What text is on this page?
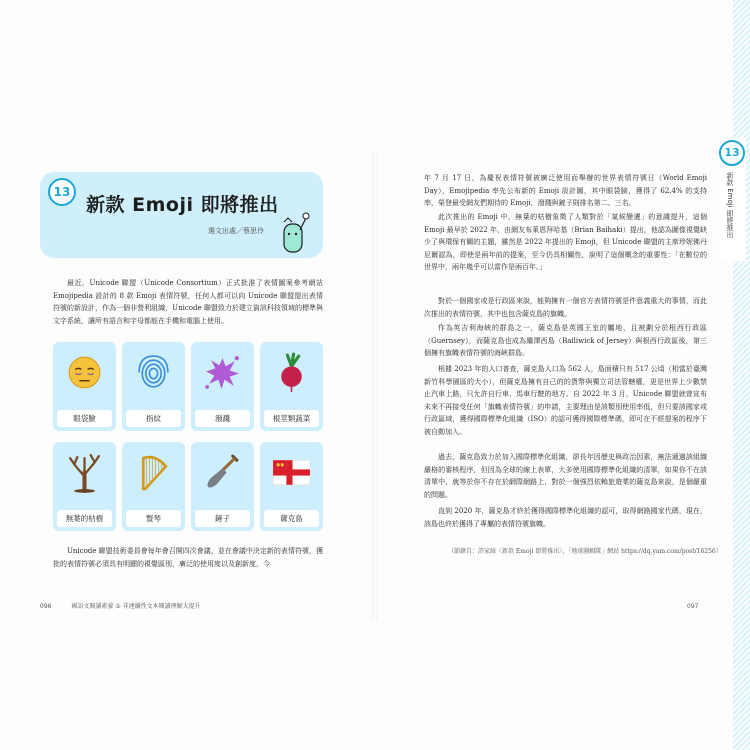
13
新款 Emoji 即將推出
選文出處／蔡思伶

最近，Unicode 聯盟（Unicode Consortium）正式批准了表情圖案參考網站 Emojipedia 設計的 8 款 Emoji 表情符號，任何人都可以向 Unicode 聯盟提出表情符號的新設計，作為一個非營利組織，Unicode 聯盟致力於建立資訊科技領域的標準與文字系統，讓所有語言和字母都能在手機和電腦上使用。

眼袋臉	指紋	潑濺	根莖類蔬菜
無葉的枯樹	豎琴	鏟子	薩克島

Unicode 聯盟技術委員會每年會召開四次會議，並在會議中決定新的表情符號，獲批的表情符號必須具有明顯的視覺區別，廣泛的使用度以及創新度，今

096	國語文閱讀素養 ② 非連續性文本閱讀理解大提升

年 7 月 17 日，為慶祝表情符號被廣泛使用而舉辦的世界表情符號日（World Emoji Day），Emojipedia 率先公布新的 Emoji 設計圖，其中眼袋臉，獲得了 62.4% 的支持率，榮登最受網友們期待的 Emoji，潑濺與鏟子則排名第二、三名。

此次推出的 Emoji 中，無葉的枯樹象徵了人類對於「氣候變遷」的意識提升，這個 Emoji 最早於 2022 年，由網友布萊恩拜哈基（Brian Baihaki）提出，他認為圖像視覺缺少了與環保有關的主題，雖然是 2022 年提出的 Emoji，但 Unicode 聯盟的主席珍妮佛丹尼爾認為，即使是兩年前的提案，至今仍具相關性，說明了這個概念的重要性：「在數位的世界中，兩年幾乎可以當作是兩百年。」

對於一個國家或是行政區來說，能夠擁有一個官方表情符號是件意義重大的事情，而此次推出的表情符號，其中也包含薩克島的旗幟。

作為英吉利海峽的群島之一，薩克島是英國王室的屬地，且被劃分於根西行政區（Guernsey），而薩克島也成為繼澤西島（Bailiwick of Jersey）與根西行政區後，第三個擁有旗幟表情符號的海峽群島。

根據 2023 年的人口普查，薩克島人口為 562 人，島面積只有 517 公頃（相當於臺灣新竹科學園區的大小），但薩克島擁有自己的的貨幣與獨立司法管轄權，更是世界上少數禁止汽車上路，只允許自行車、馬車行駛的地方。自 2022 年 3 月，Unicode 聯盟就曾宣布未來不再接受任何「旗幟表情符號」的申請，主要理由是該類別使用率低，但只要該國家或行政區域，獲得國際標準化組織（ISO）的認可獲得國際標準碼，即可在不經提案的程序下被自動加入。

過去，薩克島致力於加入國際標準化組織，卻長年因歷史與政治因素，無法通過該組織嚴格的審核程序，但因為全球的線上表單，大多使用國際標準化組織的清單，如果你不在該清單中，就等於你不存在於網際網路上，對於一個強烈依賴旅遊業的薩克島來說，是個嚴重的問題。

直到 2020 年，薩克島才終於獲得國際標準化組織的認可，取得網路國家代碼，現在，該島也終於獲得了專屬的表情符號旗幟。

（節錄自：許家綺〈新款 Emoji 即將推出〉，「地球圖輯隊」網站 https://dq.yam.com/post/16256）
097
13
新款 Emoji 即將推出
